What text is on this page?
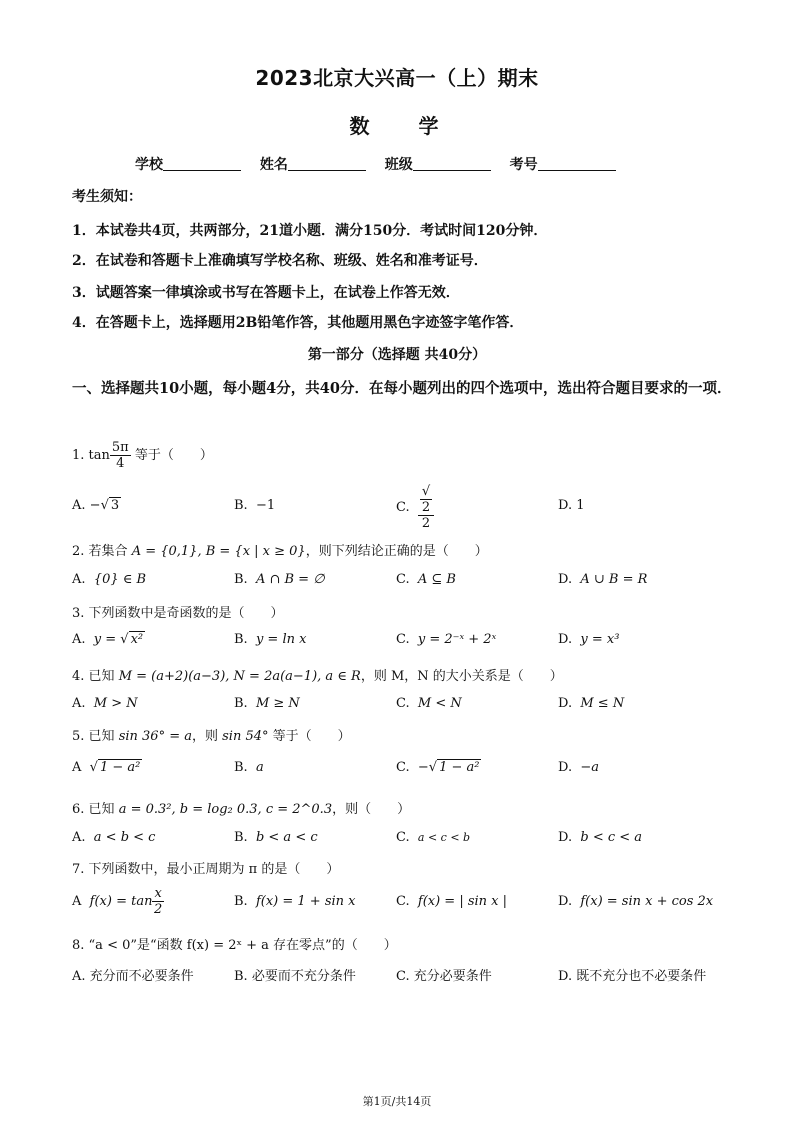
2023北京大兴高一（上）期末
数 学
学校	姓名	班级	考号
考生须知：
1．本试卷共4页，共两部分，21道小题．满分150分．考试时间120分钟．
2．在试卷和答题卡上准确填写学校名称、班级、姓名和准考证号．
3．试题答案一律填涂或书写在答题卡上，在试卷上作答无效．
4．在答题卡上，选择题用2B铅笔作答，其他题用黑色字迹签字笔作答．
第一部分（选择题 共40分）
一、选择题共10小题，每小题4分，共40分．在每小题列出的四个选项中，选出符合题目要求的一项．
1. $\tan \frac{5\pi}{4}$ 等于（　　）
A. −√ 3	B. −1	C. √
2
2	D. 1
2. 若集合 A = {0,1}, B = {x | x ≥ 0}，则下列结论正确的是（　　）
A. {0} ∈ B	B. A ∩ B = ∅	C. A ⊆ B	D. A ∪ B = R
3. 下列函数中是奇函数的是（　　）
A. y = √ x²	B. y = ln x	C. y = 2⁻ˣ + 2ˣ	D. y = x³
4. 已知 M = (a+2)(a−3), N = 2a(a−1), a ∈ R，则 M，N 的大小关系是（　　）
A. M > N	B. M ≥ N	C. M < N	D. M ≤ N
5. 已知 sin 36° = a，则 sin 54° 等于（　　）
A  √ 1 − a²	B. a	C. −√ 1 − a²	D. −a
6. 已知 a = 0.3², b = log₂ 0.3, c = 2^0.3，则（　　）
A. a < b < c	B. b < a < c	C. a < c < b	D. b < c < a
7. 下列函数中，最小正周期为 π 的是（　　）
A $f(x) = \tan \frac{x}{2}$	B. f(x) = 1 + sin x	C. f(x) = | sin x |	D. f(x) = sin x + cos 2x
8. “a < 0”是“函数 f(x) = 2ˣ + a 存在零点”的（　　）
A. 充分而不必要条件	B. 必要而不充分条件	C. 充分必要条件	D. 既不充分也不必要条件
第1页/共14页
